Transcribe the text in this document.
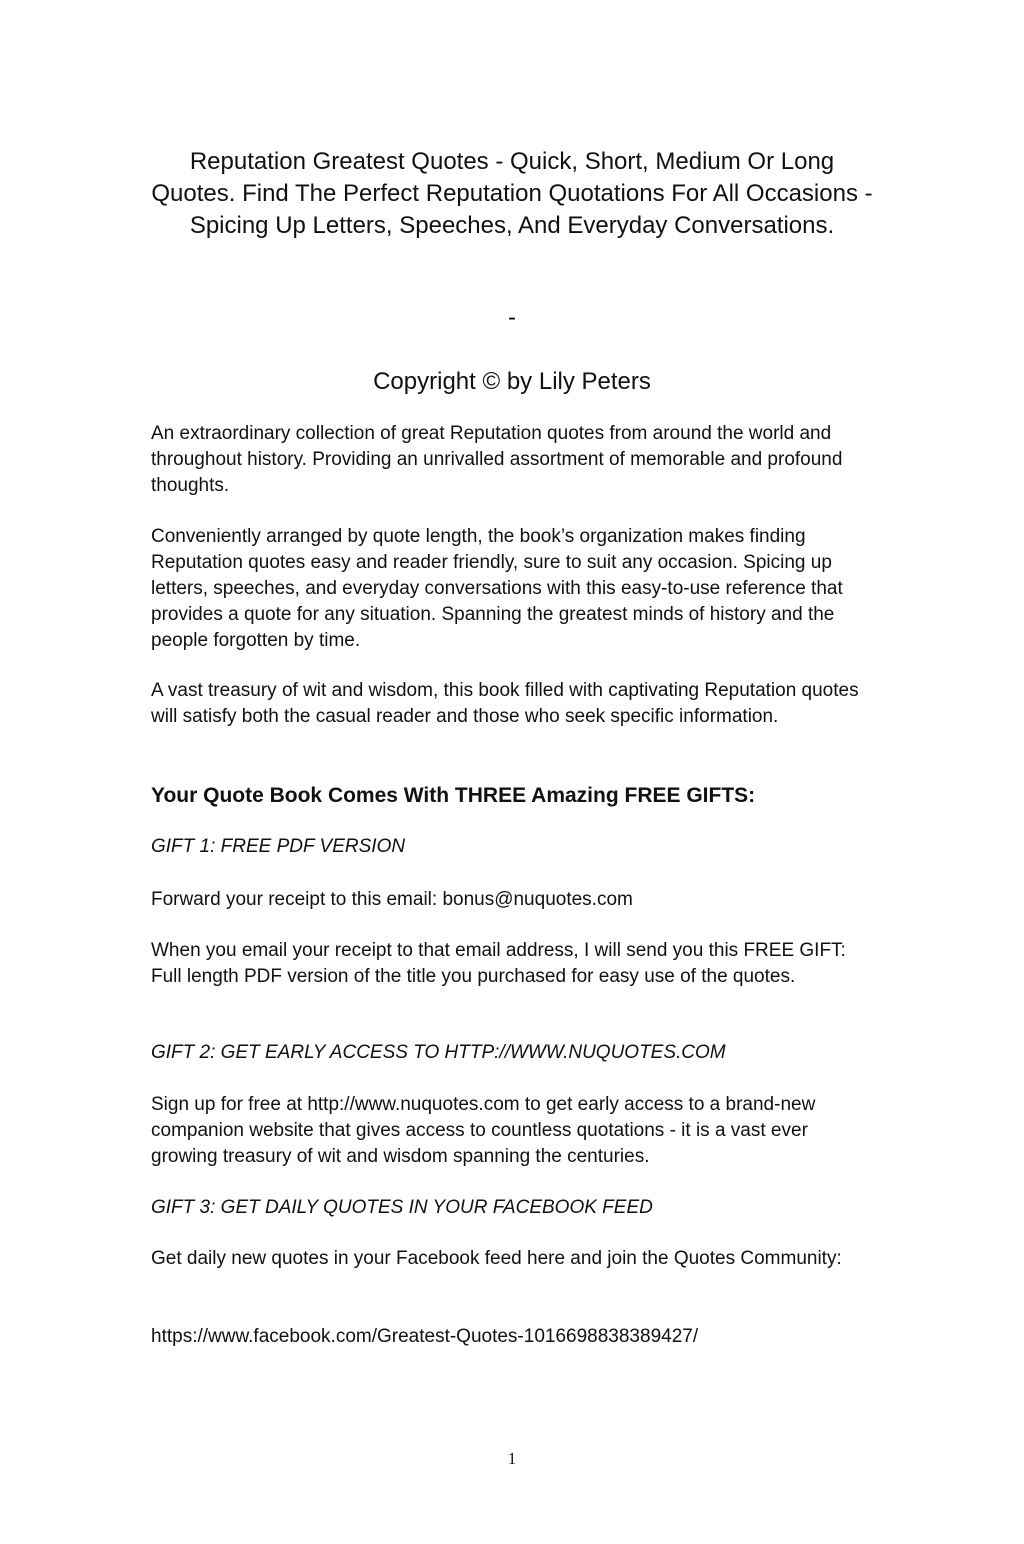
Reputation Greatest Quotes - Quick, Short, Medium Or Long Quotes. Find The Perfect Reputation Quotations For All Occasions - Spicing Up Letters, Speeches, And Everyday Conversations.
-
Copyright © by Lily Peters

An extraordinary collection of great Reputation quotes from around the world and throughout history. Providing an unrivalled assortment of memorable and profound thoughts.

Conveniently arranged by quote length, the book’s organization makes finding Reputation quotes easy and reader friendly, sure to suit any occasion. Spicing up letters, speeches, and everyday conversations with this easy-to-use reference that provides a quote for any situation. Spanning the greatest minds of history and the people forgotten by time.

A vast treasury of wit and wisdom, this book filled with captivating Reputation quotes will satisfy both the casual reader and those who seek specific information.

Your Quote Book Comes With THREE Amazing FREE GIFTS:

GIFT 1: FREE PDF VERSION

Forward your receipt to this email: bonus@nuquotes.com

When you email your receipt to that email address, I will send you this FREE GIFT: Full length PDF version of the title you purchased for easy use of the quotes.

GIFT 2: GET EARLY ACCESS TO HTTP://WWW.NUQUOTES.COM

Sign up for free at http://www.nuquotes.com to get early access to a brand-new companion website that gives access to countless quotations - it is a vast ever growing treasury of wit and wisdom spanning the centuries.

GIFT 3: GET DAILY QUOTES IN YOUR FACEBOOK FEED

Get daily new quotes in your Facebook feed here and join the Quotes Community:

https://www.facebook.com/Greatest-Quotes-1016698838389427/

1
